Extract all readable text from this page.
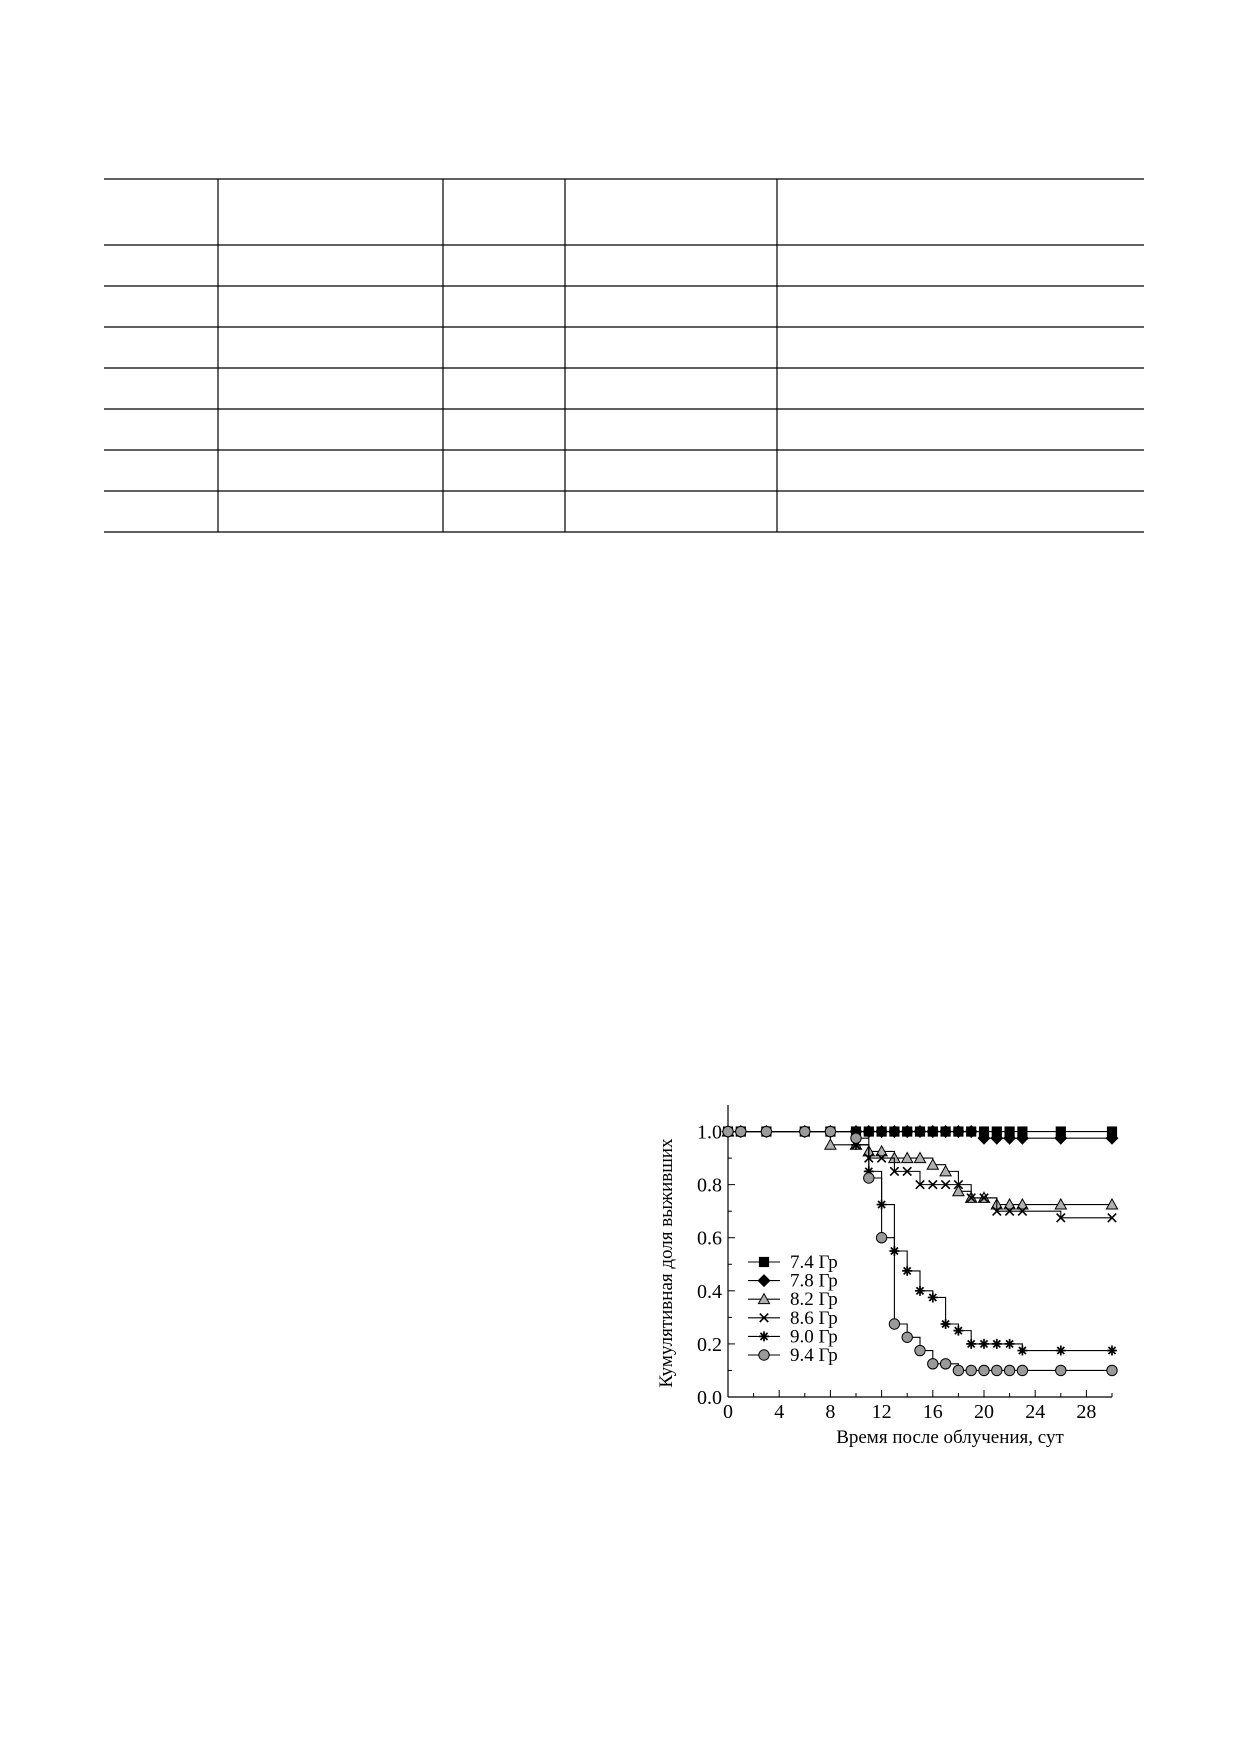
0 4 8 12 16 20 24 28
0.0
0.2
0.4
0.6
0.8
1.0
7.4 Гр
7.8 Гр
8.2 Гр
8.6 Гр
9.0 Гр
9.4 Гр
Время после облучения, сут
Кумулятивная доля выживших
